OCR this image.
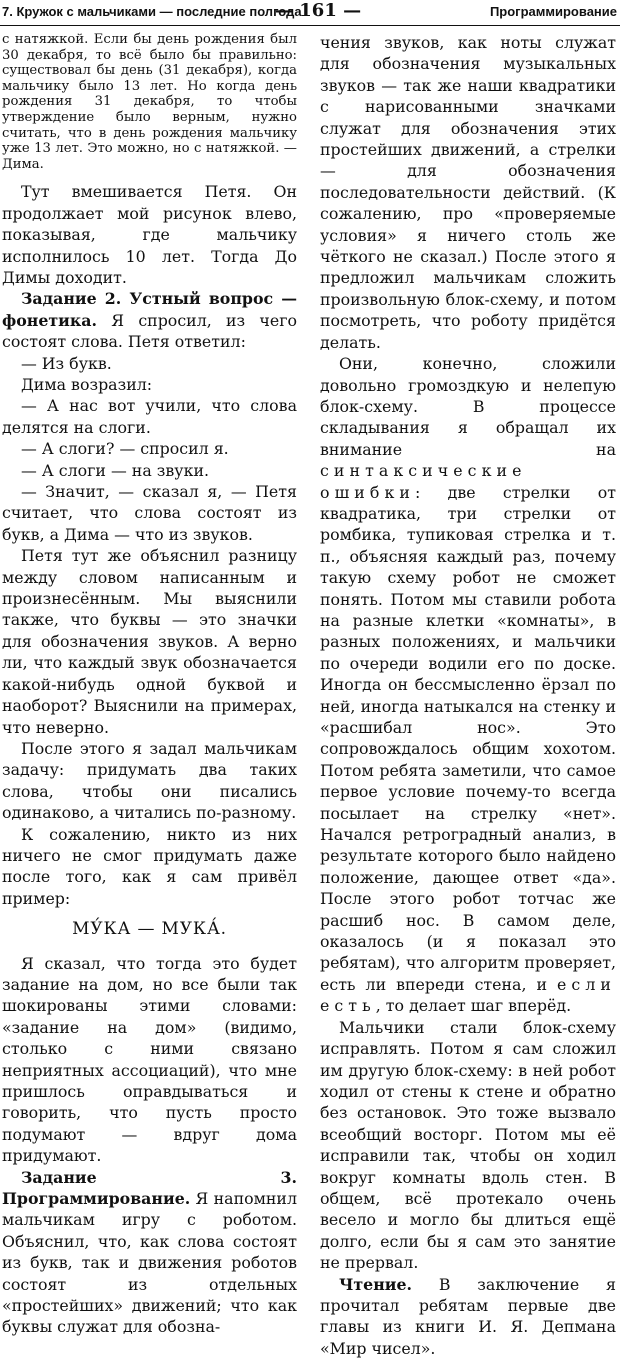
7. Кружок с мальчиками — последние полгода
— 161 —	Программирование

с натяжкой. Если бы день рождения был 30 декабря, то всё было бы правильно: существовал бы день (31 декабря), когда мальчику было 13 лет. Но когда день рождения 31 декабря, то чтобы утверждение было верным, нужно считать, что в день рождения мальчику уже 13 лет. Это можно, но с натяжкой. — Дима.

Тут вмешивается Петя. Он продолжает мой рисунок влево, показывая, где мальчику исполнилось 10 лет. Тогда До Димы доходит.

Задание 2. Устный вопрос — фонетика. Я спросил, из чего состоят слова. Петя ответил:

— Из букв.

Дима возразил:

— А нас вот учили, что слова делятся на слоги.

— А слоги? — спросил я.

— А слоги — на звуки.

— Значит, — сказал я, — Петя считает, что слова состоят из букв, а Дима — что из звуков.

Петя тут же объяснил разницу между словом написанным и произнесённым. Мы выяснили также, что буквы — это значки для обозначения звуков. А верно ли, что каждый звук обозначается какой-нибудь одной буквой и наоборот? Выяснили на примерах, что неверно.

После этого я задал мальчикам задачу: придумать два таких слова, чтобы они писались одинаково, а читались по-разному.

К сожалению, никто из них ничего не смог придумать даже после того, как я сам привёл пример:

МУ́КА — МУКА́.

Я сказал, что тогда это будет задание на дом, но все были так шокированы этими словами: «задание на дом» (видимо, столько с ними связано неприятных ассоциаций), что мне пришлось оправдываться и говорить, что пусть просто подумают — вдруг дома придумают.

Задание 3. Программирование. Я напомнил мальчикам игру с роботом. Объяснил, что, как слова состоят из букв, так и движения роботов состоят из отдельных «простейших» движений; что как буквы служат для обозна-

чения звуков, как ноты служат для обозначения музыкальных звуков — так же наши квадратики с нарисованными значками служат для обозначения этих простейших движений, а стрелки — для обозначения последовательности действий. (К сожалению, про «проверяемые условия» я ничего столь же чёткого не сказал.) После этого я предложил мальчикам сложить произвольную блок-схему, и потом посмотреть, что роботу придётся делать.

Они, конечно, сложили довольно громоздкую и нелепую блок-схему. В процессе складывания я обращал их внимание на синтаксические ошибки: две стрелки от квадратика, три стрелки от ромбика, тупиковая стрелка и т. п., объясняя каждый раз, почему такую схему робот не сможет понять. Потом мы ставили робота на разные клетки «комнаты», в разных положениях, и мальчики по очереди водили его по доске. Иногда он бессмысленно ёрзал по ней, иногда натыкался на стенку и «расшибал нос». Это сопровождалось общим хохотом. Потом ребята заметили, что самое первое условие почему-то всегда посылает на стрелку «нет». Начался ретроградный анализ, в результате которого было найдено положение, дающее ответ «да». После этого робот тотчас же расшиб нос. В самом деле, оказалось (и я показал это ребятам), что алгоритм проверяет, есть ли впереди стена, и если есть, то делает шаг вперёд.

Мальчики стали блок-схему исправлять. Потом я сам сложил им другую блок-схему: в ней робот ходил от стены к стене и обратно без остановок. Это тоже вызвало всеобщий восторг. Потом мы её исправили так, чтобы он ходил вокруг комнаты вдоль стен. В общем, всё протекало очень весело и могло бы длиться ещё долго, если бы я сам это занятие не прервал.

Чтение. В заключение я прочитал ребятам первые две главы из книги И. Я. Депмана «Мир чисел».
